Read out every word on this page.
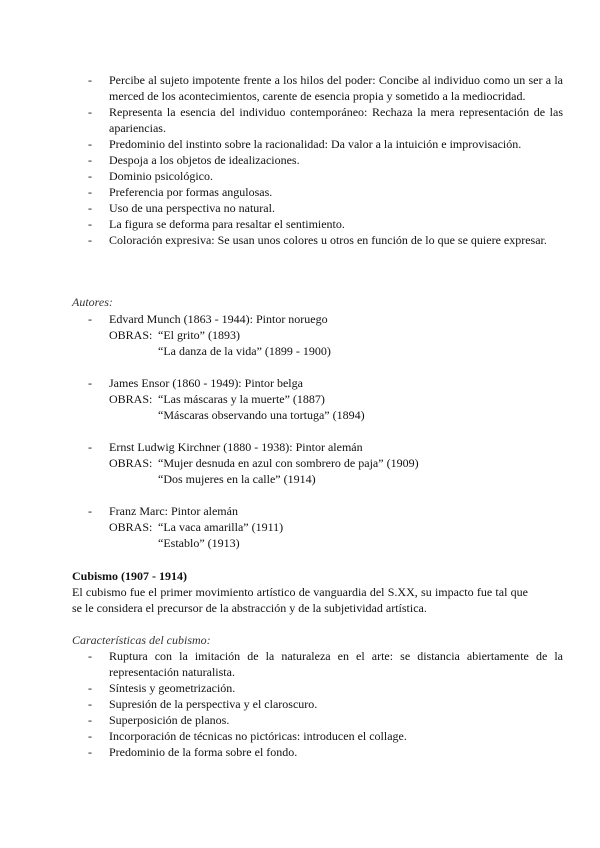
- Percibe al sujeto impotente frente a los hilos del poder: Concibe al individuo como un ser a la merced de los acontecimientos, carente de esencia propia y sometido a la mediocridad.
- Representa la esencia del individuo contemporáneo: Rechaza la mera representación de las apariencias.
- Predominio del instinto sobre la racionalidad: Da valor a la intuición e improvisación.
- Despoja a los objetos de idealizaciones.
- Dominio psicológico.
- Preferencia por formas angulosas.
- Uso de una perspectiva no natural.
- La figura se deforma para resaltar el sentimiento.
- Coloración expresiva: Se usan unos colores u otros en función de lo que se quiere expresar.
Autores:
- Edvard Munch (1863 - 1944): Pintor noruego
OBRAS: “El grito” (1893)
“La danza de la vida” (1899 - 1900)
- James Ensor (1860 - 1949): Pintor belga
OBRAS: “Las máscaras y la muerte” (1887)
“Máscaras observando una tortuga” (1894)
- Ernst Ludwig Kirchner (1880 - 1938): Pintor alemán
OBRAS: “Mujer desnuda en azul con sombrero de paja” (1909)
“Dos mujeres en la calle” (1914)
- Franz Marc: Pintor alemán
OBRAS: “La vaca amarilla” (1911)
“Establo” (1913)
Cubismo (1907 - 1914)
El cubismo fue el primer movimiento artístico de vanguardia del S.XX, su impacto fue tal que se le considera el precursor de la abstracción y de la subjetividad artística.
Características del cubismo:
- Ruptura con la imitación de la naturaleza en el arte: se distancia abiertamente de la representación naturalista.
- Síntesis y geometrización.
- Supresión de la perspectiva y el claroscuro.
- Superposición de planos.
- Incorporación de técnicas no pictóricas: introducen el collage.
- Predominio de la forma sobre el fondo.
